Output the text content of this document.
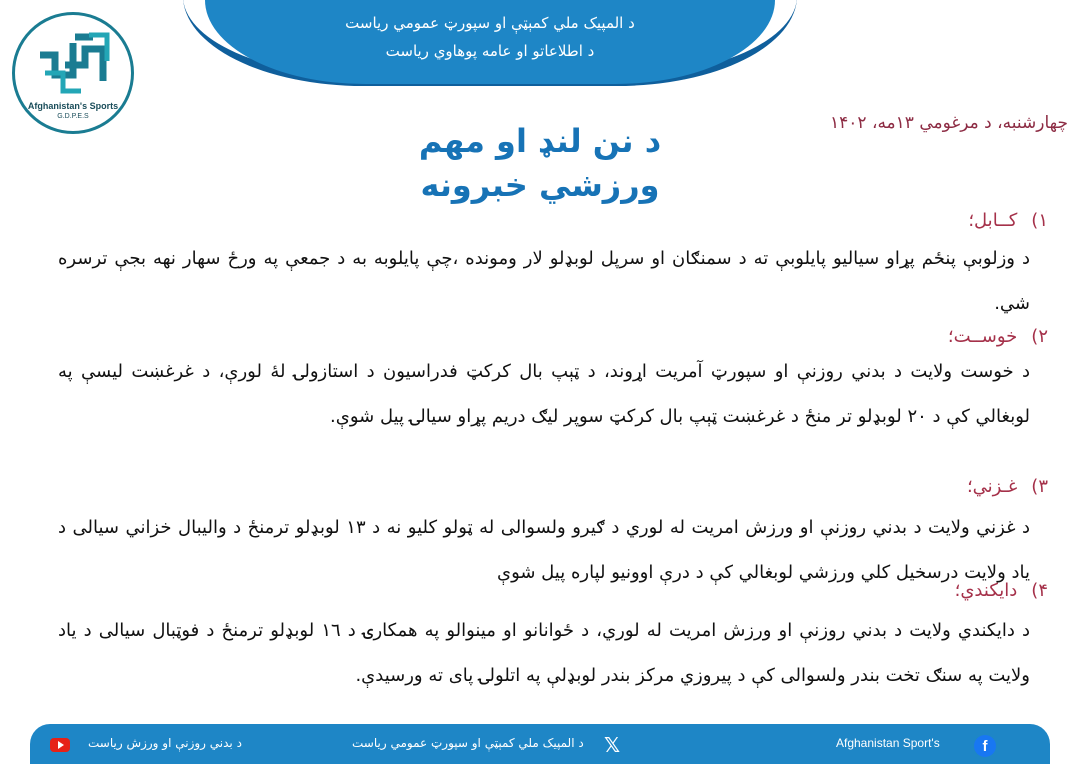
د المپیک ملي کمېټې او سپورټ عمومي ریاست
د اطلاعاتو او عامه پوهاوي ریاست
Afghanistan's Sports
G.D.P.E.S	چهارشنبه، د مرغومي ۱۳مه، ۱۴۰۲
د نن لنډ او مهم
ورزشي خبرونه
۱)کــابل؛
د وزلوبې پنځم پړاو سیالیو پایلوبې ته د سمنګان او سرپل لوبډلو لار وموندە ،چې پایلوبه به د جمعې په ورځ سهار نهه بجې ترسره شي.
۲)خوســت؛
د خوست ولایت د بدني روزنې او سپورټ آمریت اړوند، د ټېپ بال کرکټ فدراسیون د استازولۍ لهٔ لورې، د غرغښت لیسې په لوبغالي کې د ۲۰ لوبډلو تر منځ د غرغښت ټېپ بال کرکټ سوپر لیګ دریم پړاو سیالۍ پیل شوې.
۳)غـزني؛
د غزني ولایت د بدني روزنې او ورزش امریت له لوري د ګیرو ولسوالی له ټولو کلیو نه د ۱۳ لوبډلو ترمنځ د والیبال خزاني سیالی د یاد ولایت درسخیل کلي ورزشي لوبغالي کې د درې اوونیو لپاره پیل شوې
۴)دایکندي؛
د دایکندي ولایت د بدني روزنې او ورزش امریت له لوري، د ځوانانو او مینوالو په همکارۍ د ۱٦ لوبډلو ترمنځ د فوټبال سیالی د یاد ولایت په سنګ تخت بندر ولسوالی کې د پیروزي مرکز بندر لوبډلې په اتلولۍ پای ته ورسیدې.
د بدني روزنې او ورزش ریاست	د المپیک ملي کمېټې او سپورټ عمومي ریاست 𝕏	Afghanistan Sport's	f
